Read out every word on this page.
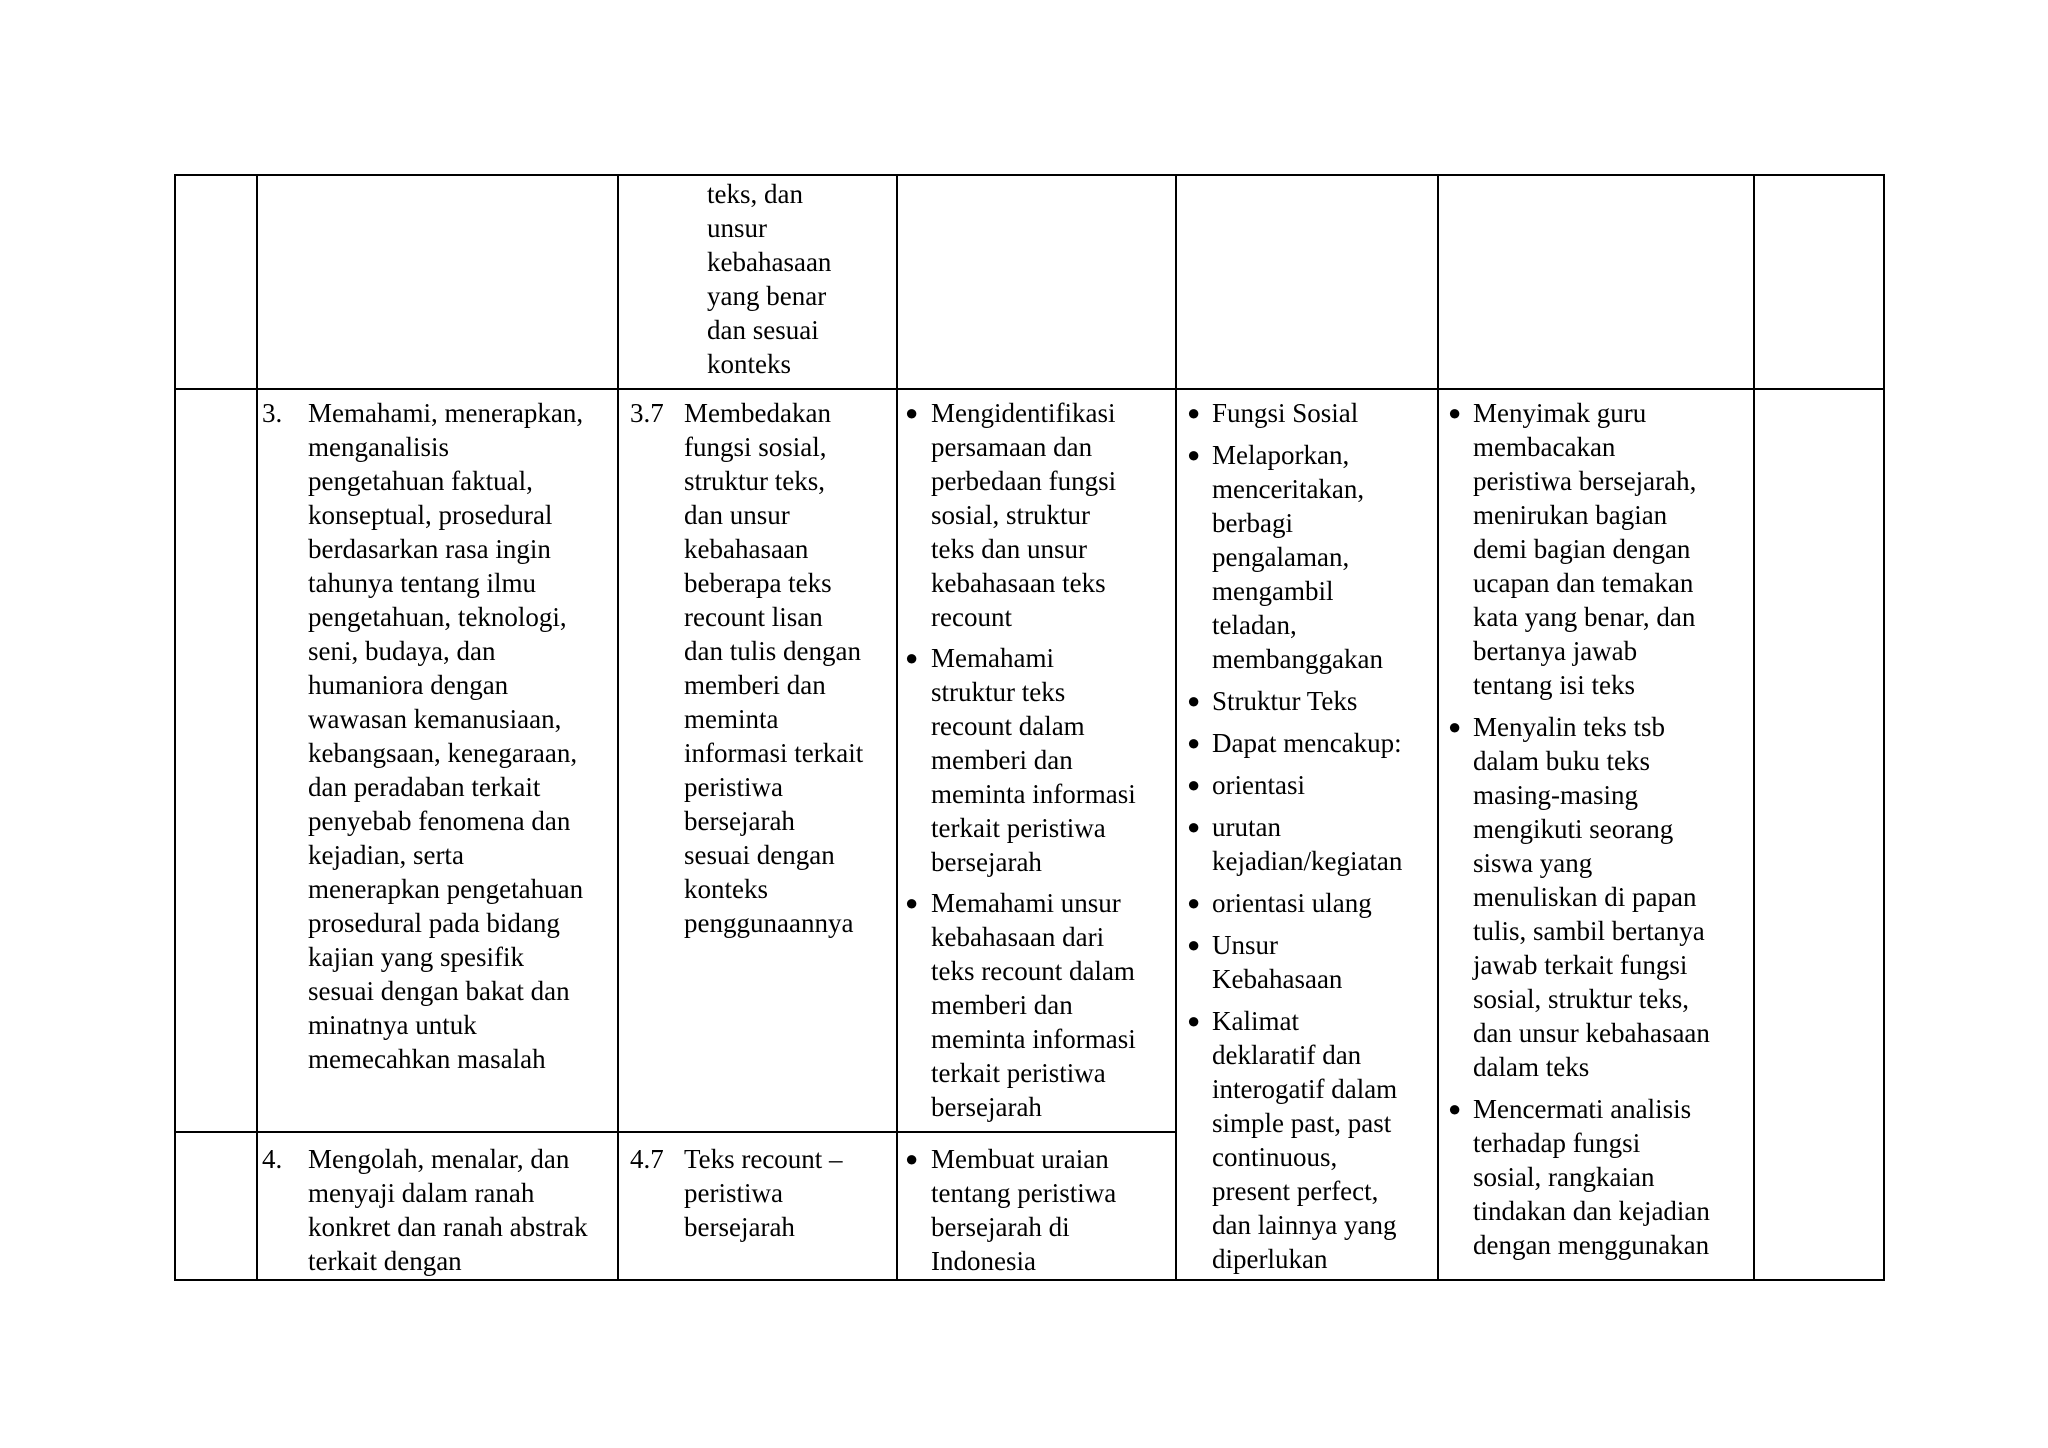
teks, dan
unsur
kebahasaan
yang benar
dan sesuai
konteks
3. Memahami, menerapkan,
menganalisis
pengetahuan faktual,
konseptual, prosedural
berdasarkan rasa ingin
tahunya tentang ilmu
pengetahuan, teknologi,
seni, budaya, dan
humaniora dengan
wawasan kemanusiaan,
kebangsaan, kenegaraan,
dan peradaban terkait
penyebab fenomena dan
kejadian, serta
menerapkan pengetahuan
prosedural pada bidang
kajian yang spesifik
sesuai dengan bakat dan
minatnya untuk
memecahkan masalah
3.7 Membedakan
fungsi sosial,
struktur teks,
dan unsur
kebahasaan
beberapa teks
recount lisan
dan tulis dengan
memberi dan
meminta
informasi terkait
peristiwa
bersejarah
sesuai dengan
konteks
penggunaannya
4. Mengolah, menalar, dan
menyaji dalam ranah
konkret dan ranah abstrak
terkait dengan
4.7 Teks recount –
peristiwa
bersejarah
● Mengidentifikasi
persamaan dan
perbedaan fungsi
sosial, struktur
teks dan unsur
kebahasaan teks
recount
● Memahami
struktur teks
recount dalam
memberi dan
meminta informasi
terkait peristiwa
bersejarah
● Memahami unsur
kebahasaan dari
teks recount dalam
memberi dan
meminta informasi
terkait peristiwa
bersejarah
● Membuat uraian
tentang peristiwa
bersejarah di
Indonesia
● Fungsi Sosial
● Melaporkan,
menceritakan,
berbagi
pengalaman,
mengambil
teladan,
membanggakan
● Struktur Teks
● Dapat mencakup:
● orientasi
● urutan
kejadian/kegiatan
● orientasi ulang
● Unsur
Kebahasaan
● Kalimat
deklaratif dan
interogatif dalam
simple past, past
continuous,
present perfect,
dan lainnya yang
diperlukan
● Menyimak guru
membacakan
peristiwa bersejarah,
menirukan bagian
demi bagian dengan
ucapan dan temakan
kata yang benar, dan
bertanya jawab
tentang isi teks
● Menyalin teks tsb
dalam buku teks
masing-masing
mengikuti seorang
siswa yang
menuliskan di papan
tulis, sambil bertanya
jawab terkait fungsi
sosial, struktur teks,
dan unsur kebahasaan
dalam teks
● Mencermati analisis
terhadap fungsi
sosial, rangkaian
tindakan dan kejadian
dengan menggunakan
